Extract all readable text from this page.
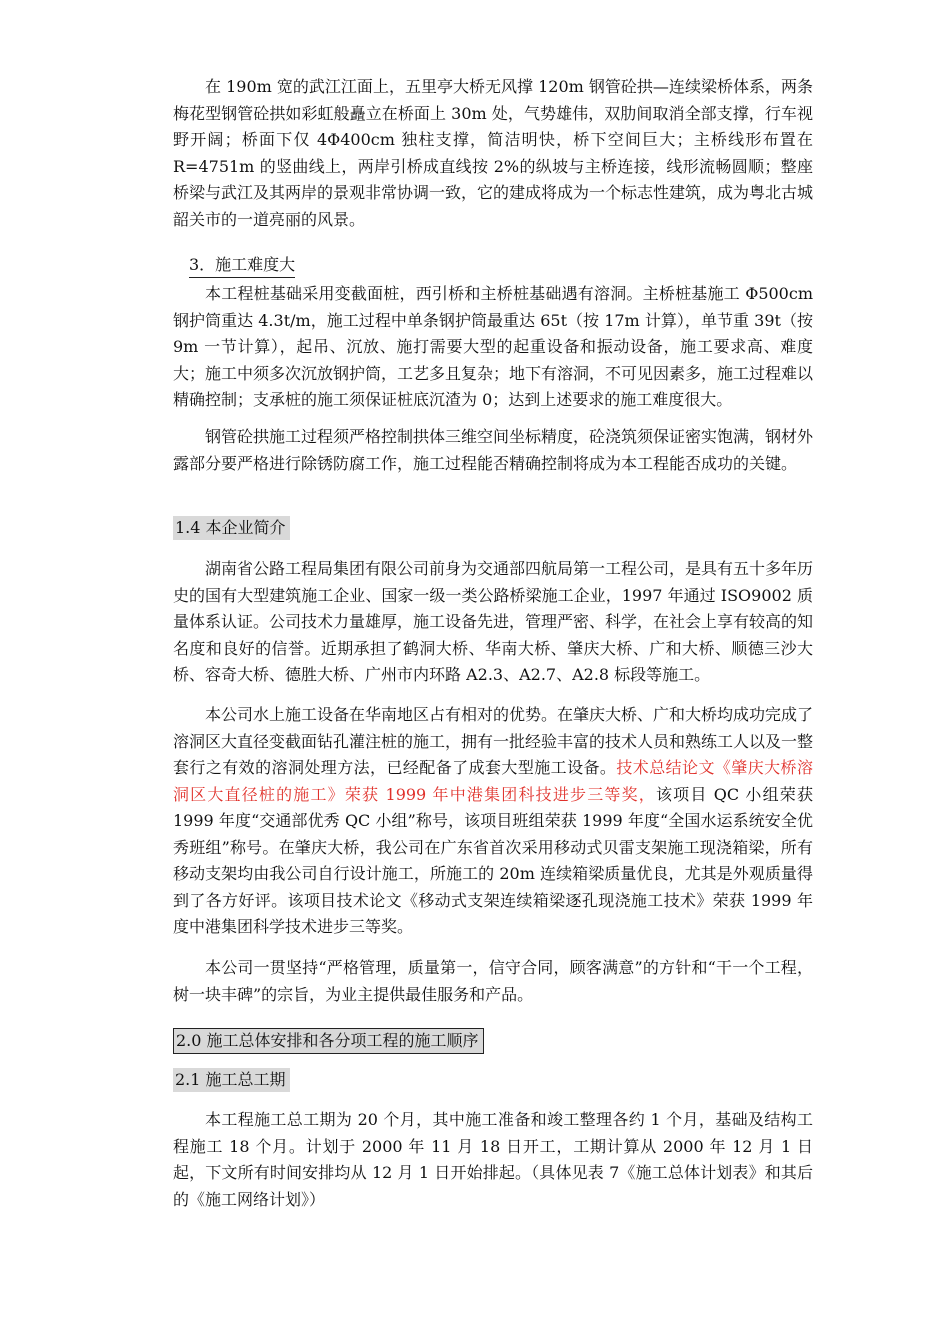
在 190m 宽的武江江面上，五里亭大桥无风撑 120m 钢管砼拱—连续梁桥体系，两条梅花型钢管砼拱如彩虹般矗立在桥面上 30m 处，气势雄伟，双肋间取消全部支撑，行车视野开阔；桥面下仅 4Φ400cm 独柱支撑，简洁明快，桥下空间巨大；主桥线形布置在 R=4751m 的竖曲线上，两岸引桥成直线按 2%的纵坡与主桥连接，线形流畅圆顺；整座桥梁与武江及其两岸的景观非常协调一致，它的建成将成为一个标志性建筑，成为粤北古城韶关市的一道亮丽的风景。

3．施工难度大

本工程桩基础采用变截面桩，西引桥和主桥桩基础遇有溶洞。主桥桩基施工 Φ500cm 钢护筒重达 4.3t/m，施工过程中单条钢护筒最重达 65t（按 17m 计算），单节重 39t（按 9m 一节计算），起吊、沉放、施打需要大型的起重设备和振动设备，施工要求高、难度大；施工中须多次沉放钢护筒，工艺多且复杂；地下有溶洞，不可见因素多，施工过程难以精确控制；支承桩的施工须保证桩底沉渣为 0；达到上述要求的施工难度很大。

钢管砼拱施工过程须严格控制拱体三维空间坐标精度，砼浇筑须保证密实饱满，钢材外露部分要严格进行除锈防腐工作，施工过程能否精确控制将成为本工程能否成功的关键。

1.4 本企业简介

湖南省公路工程局集团有限公司前身为交通部四航局第一工程公司，是具有五十多年历史的国有大型建筑施工企业、国家一级一类公路桥梁施工企业，1997 年通过 ISO9002 质量体系认证。公司技术力量雄厚，施工设备先进，管理严密、科学，在社会上享有较高的知名度和良好的信誉。近期承担了鹤洞大桥、华南大桥、肇庆大桥、广和大桥、顺德三沙大桥、容奇大桥、德胜大桥、广州市内环路 A2.3、A2.7、A2.8 标段等施工。

本公司水上施工设备在华南地区占有相对的优势。在肇庆大桥、广和大桥均成功完成了溶洞区大直径变截面钻孔灌注桩的施工，拥有一批经验丰富的技术人员和熟练工人以及一整套行之有效的溶洞处理方法，已经配备了成套大型施工设备。技术总结论文《肇庆大桥溶洞区大直径桩的施工》荣获 1999 年中港集团科技进步三等奖，该项目 QC 小组荣获 1999 年度“交通部优秀 QC 小组”称号，该项目班组荣获 1999 年度“全国水运系统安全优秀班组”称号。在肇庆大桥，我公司在广东省首次采用移动式贝雷支架施工现浇箱梁，所有移动支架均由我公司自行设计施工，所施工的 20m 连续箱梁质量优良，尤其是外观质量得到了各方好评。该项目技术论文《移动式支架连续箱梁逐孔现浇施工技术》荣获 1999 年度中港集团科学技术进步三等奖。

本公司一贯坚持“严格管理，质量第一，信守合同，顾客满意”的方针和“干一个工程，树一块丰碑”的宗旨，为业主提供最佳服务和产品。

2.0 施工总体安排和各分项工程的施工顺序
2.1 施工总工期

本工程施工总工期为 20 个月，其中施工准备和竣工整理各约 1 个月，基础及结构工程施工 18 个月。计划于 2000 年 11 月 18 日开工，工期计算从 2000 年 12 月 1 日起，下文所有时间安排均从 12 月 1 日开始排起。（具体见表 7《施工总体计划表》和其后的《施工网络计划》）
